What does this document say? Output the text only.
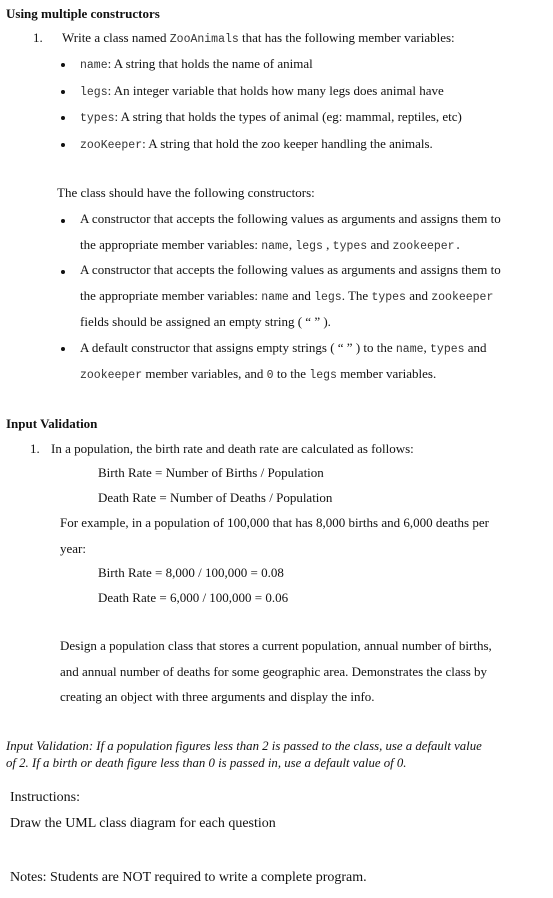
Using multiple constructors
1. Write a class named ZooAnimals that has the following member variables:
name: A string that holds the name of animal
legs: An integer variable that holds how many legs does animal have
types: A string that holds the types of animal (eg: mammal, reptiles, etc)
zooKeeper: A string that hold the zoo keeper handling the animals.
The class should have the following constructors:
A constructor that accepts the following values as arguments and assigns them to
the appropriate member variables: name, legs , types and zookeeper.
A constructor that accepts the following values as arguments and assigns them to
the appropriate member variables: name and legs. The types and zookeeper
fields should be assigned an empty string ( “ ” ).
A default constructor that assigns empty strings ( “ ” ) to the name, types and
zookeeper member variables, and 0 to the legs member variables.
Input Validation
1. In a population, the birth rate and death rate are calculated as follows:
Birth Rate = Number of Births / Population
Death Rate = Number of Deaths / Population
For example, in a population of 100,000 that has 8,000 births and 6,000 deaths per
year:
Birth Rate = 8,000 / 100,000 = 0.08
Death Rate = 6,000 / 100,000 = 0.06
Design a population class that stores a current population, annual number of births,
and annual number of deaths for some geographic area. Demonstrates the class by
creating an object with three arguments and display the info.
Input Validation: If a population figures less than 2 is passed to the class, use a default value
of 2. If a birth or death figure less than 0 is passed in, use a default value of 0.
Instructions:
Draw the UML class diagram for each question
Notes: Students are NOT required to write a complete program.
